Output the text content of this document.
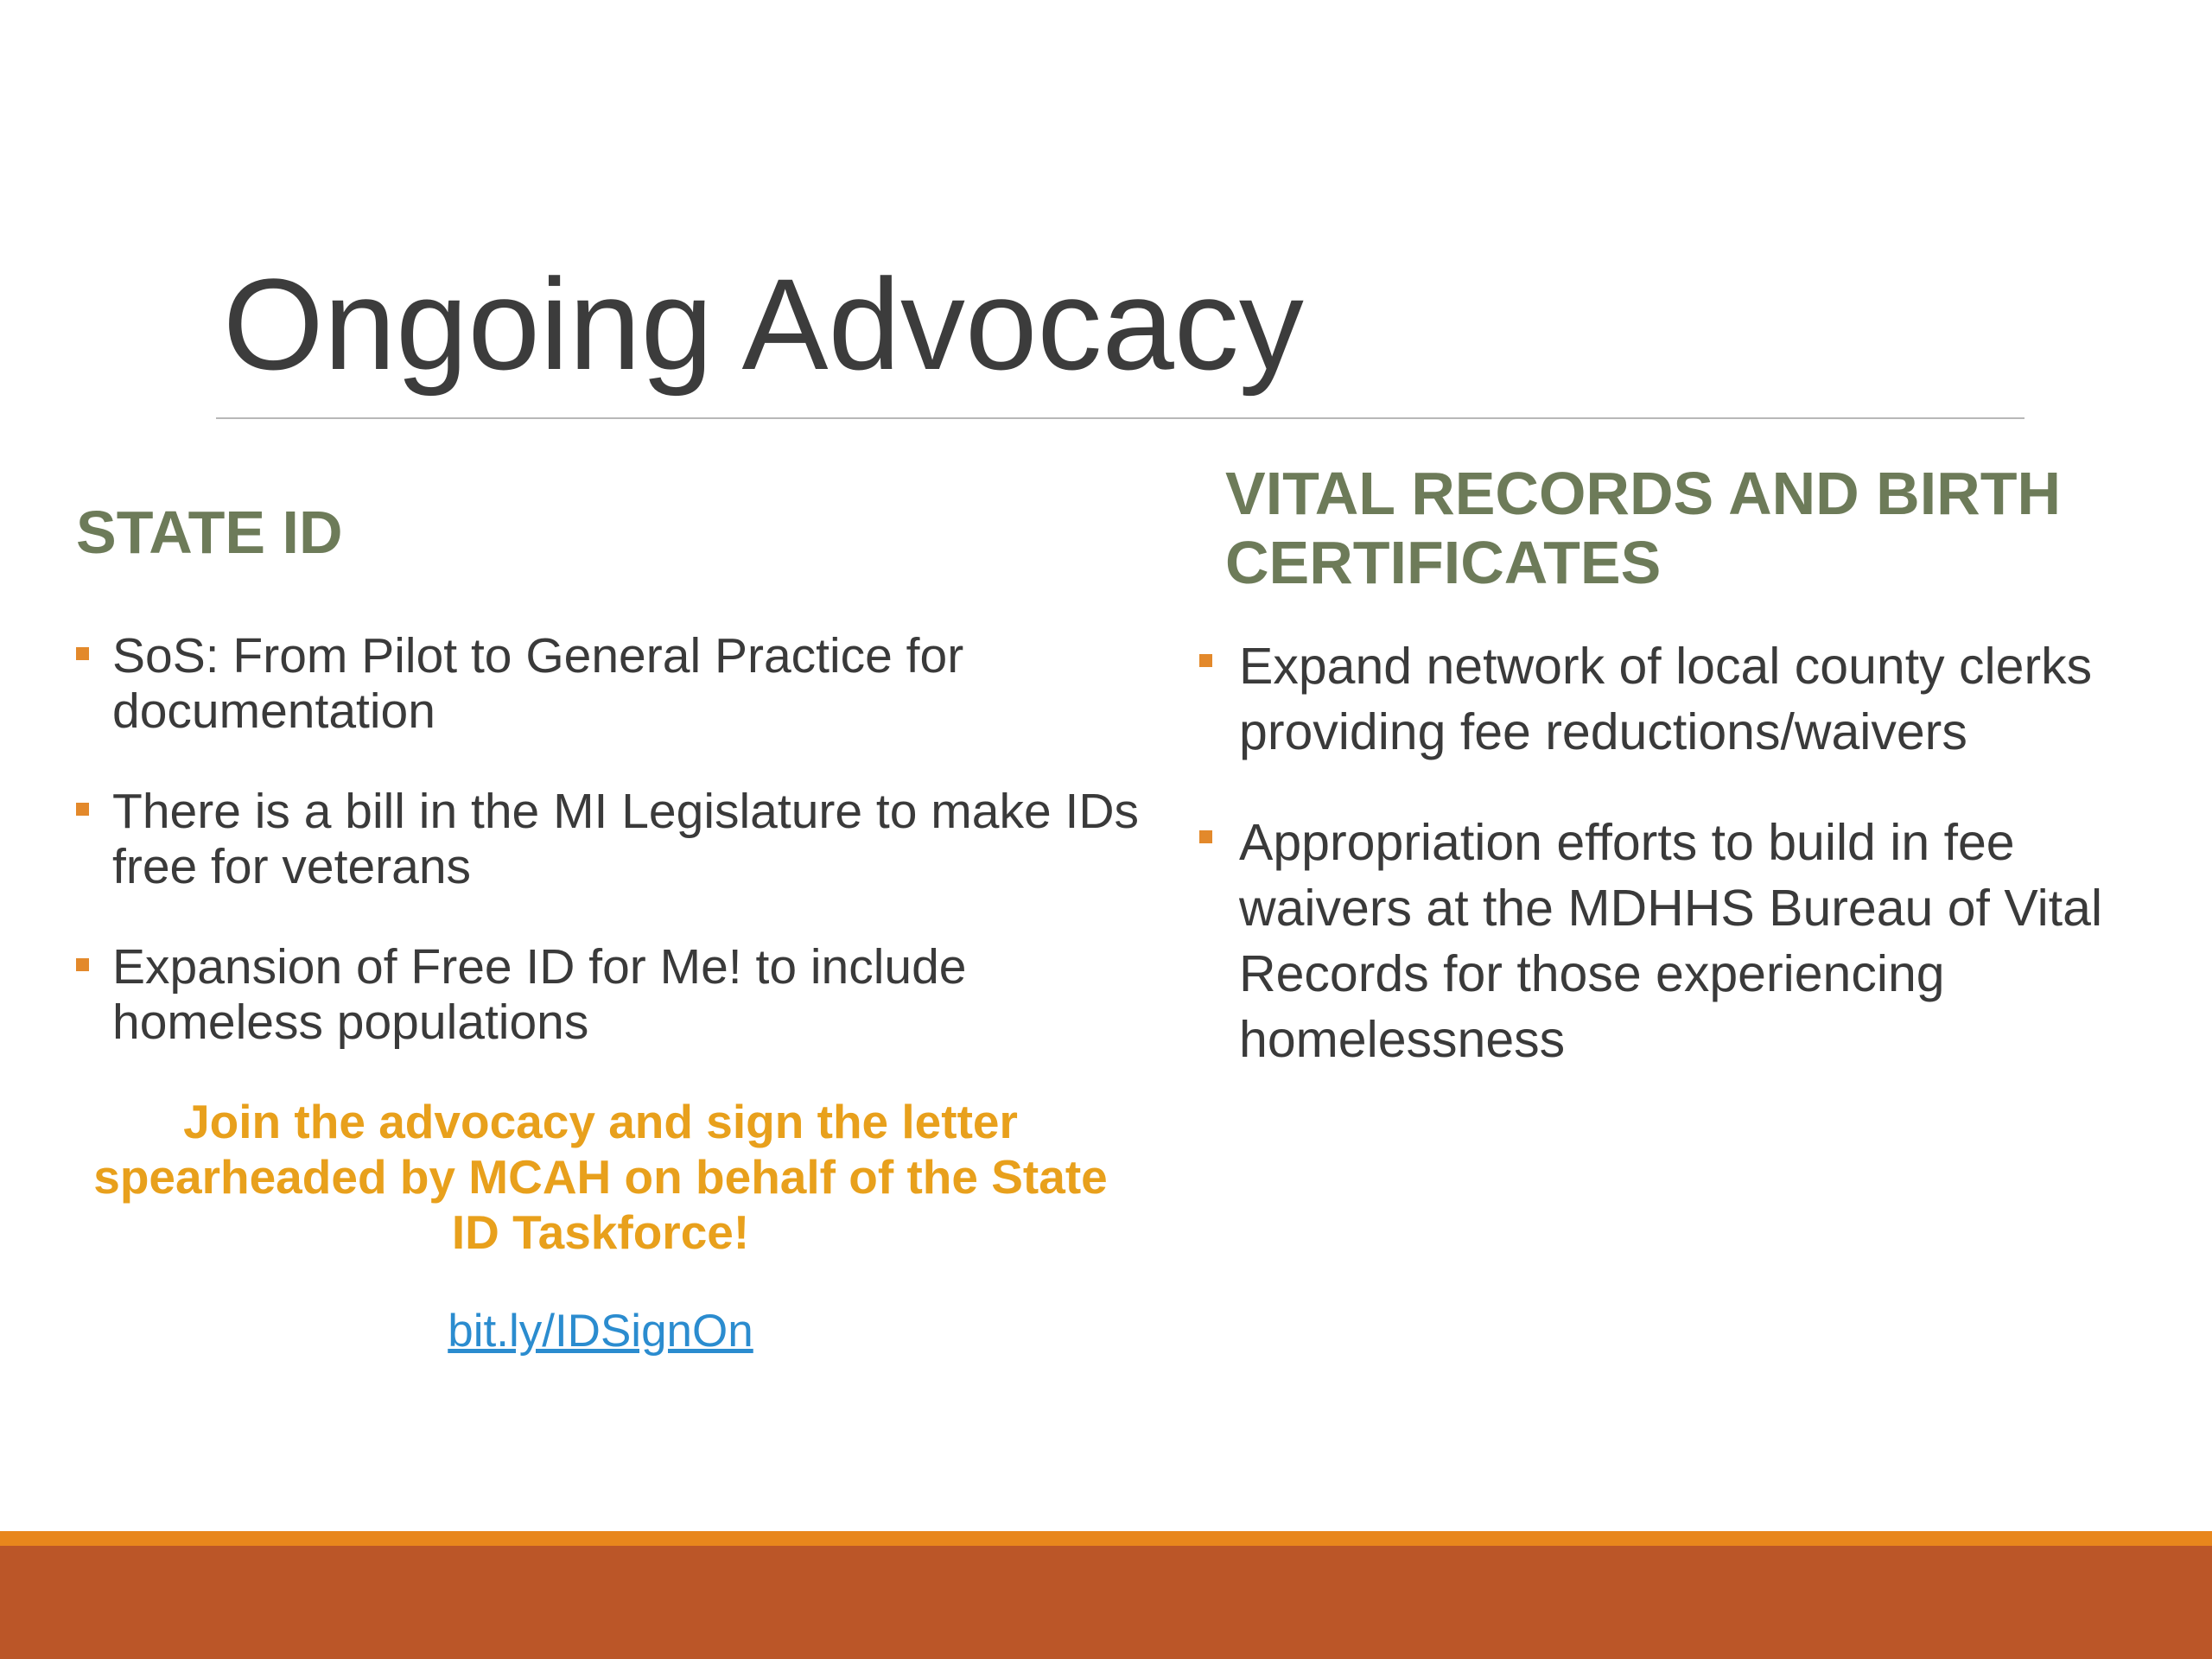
Ongoing Advocacy
STATE ID
SoS: From Pilot to General Practice for documentation
There is a bill in the MI Legislature to make IDs free for veterans
Expansion of Free ID for Me! to include homeless populations
Join the advocacy and sign the letter spearheaded by MCAH on behalf of the State ID Taskforce!
bit.ly/IDSignOn
VITAL RECORDS AND BIRTH CERTIFICATES
Expand network of local county clerks providing fee reductions/waivers
Appropriation efforts to build in fee waivers at the MDHHS Bureau of Vital Records for those experiencing homelessness
